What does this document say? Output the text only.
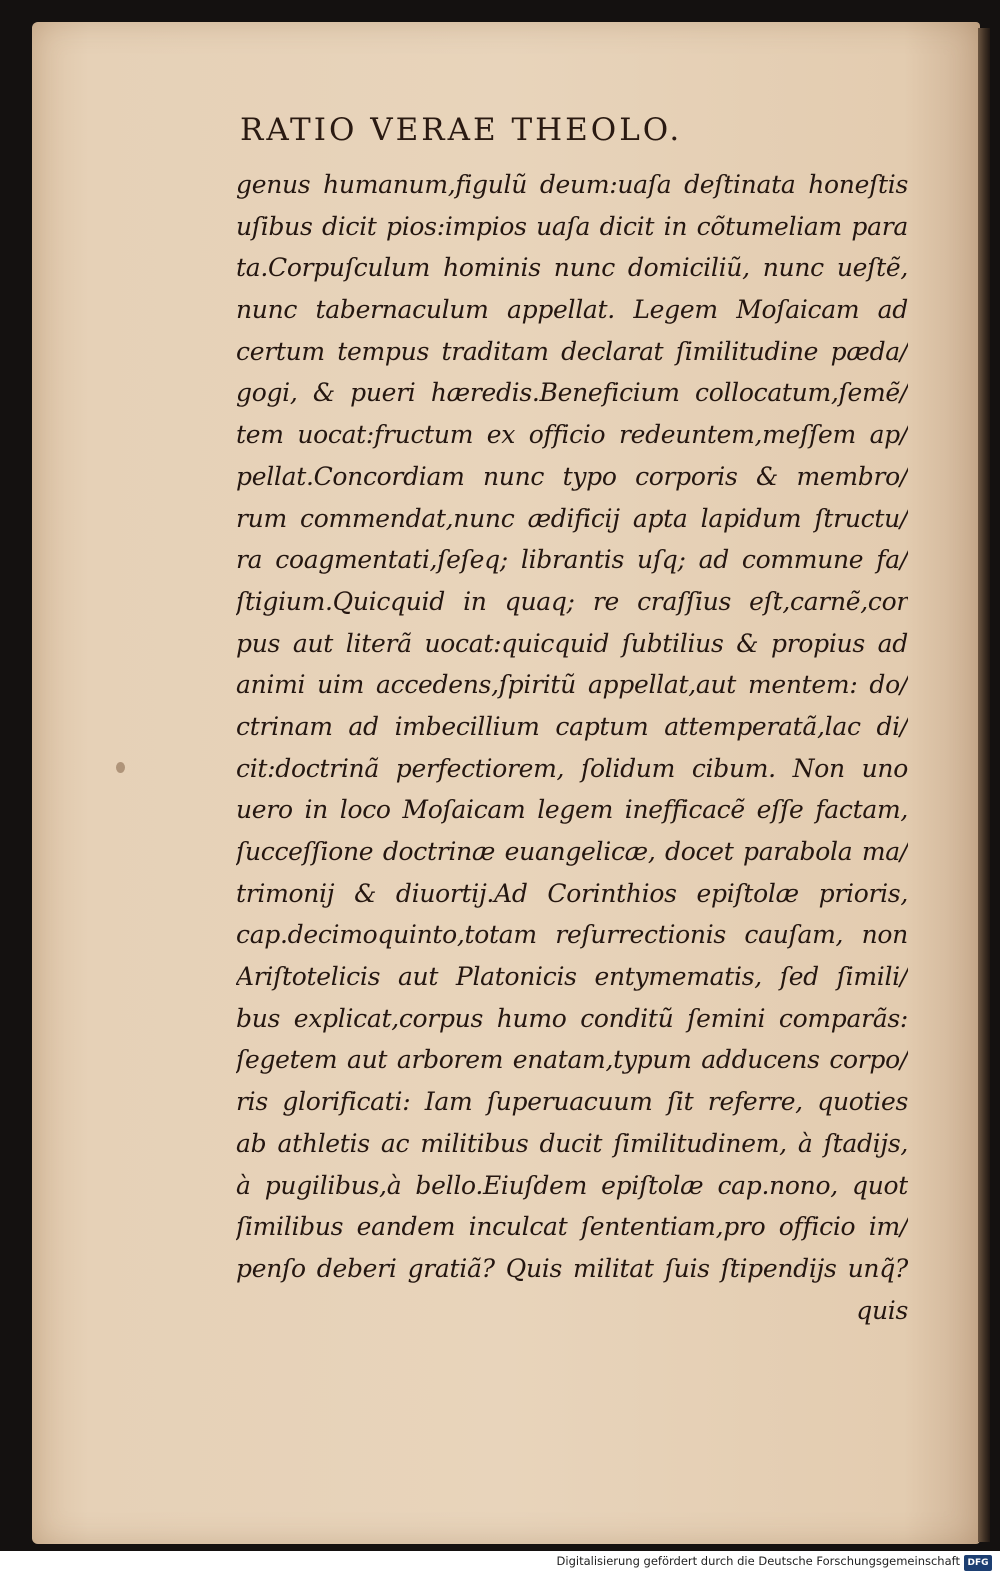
RATIO VERAE THEOLO.
genus humanum,figulũ deum:uaſa deſtinata honeſtis
uſibus dicit pios:impios uaſa dicit in cõtumeliam para
ta.Corpuſculum hominis nunc domiciliũ, nunc ueſtẽ,
nunc tabernaculum appellat. Legem Moſaicam ad
certum tempus traditam declarat ſimilitudine pæda/
gogi, & pueri hæredis.Beneficium collocatum,ſemẽ/
tem uocat:fructum ex officio redeuntem,meſſem ap/
pellat.Concordiam nunc typo corporis & membro/
rum commendat,nunc ædificij apta lapidum ſtructu/
ra coagmentati,ſeſeq; librantis uſq; ad commune fa/
ſtigium.Quicquid in quaq; re craſſius eſt,carnẽ,cor
pus aut literã uocat:quicquid ſubtilius & propius ad
animi uim accedens,ſpiritũ appellat,aut mentem: do/
ctrinam ad imbecillium captum attemperatã,lac di/
cit:doctrinã perfectiorem, ſolidum cibum. Non uno
uero in loco Moſaicam legem inefficacẽ eſſe factam,
ſucceſſione doctrinæ euangelicæ, docet parabola ma/
trimonij & diuortij.Ad Corinthios epiſtolæ prioris,
cap.decimoquinto,totam reſurrectionis cauſam, non
Ariſtotelicis aut Platonicis entymematis, ſed ſimili/
bus explicat,corpus humo conditũ ſemini comparãs:
ſegetem aut arborem enatam,typum adducens corpo/
ris glorificati: Iam ſuperuacuum ſit referre, quoties
ab athletis ac militibus ducit ſimilitudinem, à ſtadijs,
à pugilibus,à bello.Eiuſdem epiſtolæ cap.nono, quot
ſimilibus eandem inculcat ſententiam,pro officio im/
penſo deberi gratiã? Quis militat ſuis ſtipendijs unq̃?
quis
Digitalisierung gefördert durch die Deutsche Forschungsgemeinschaft DFG
